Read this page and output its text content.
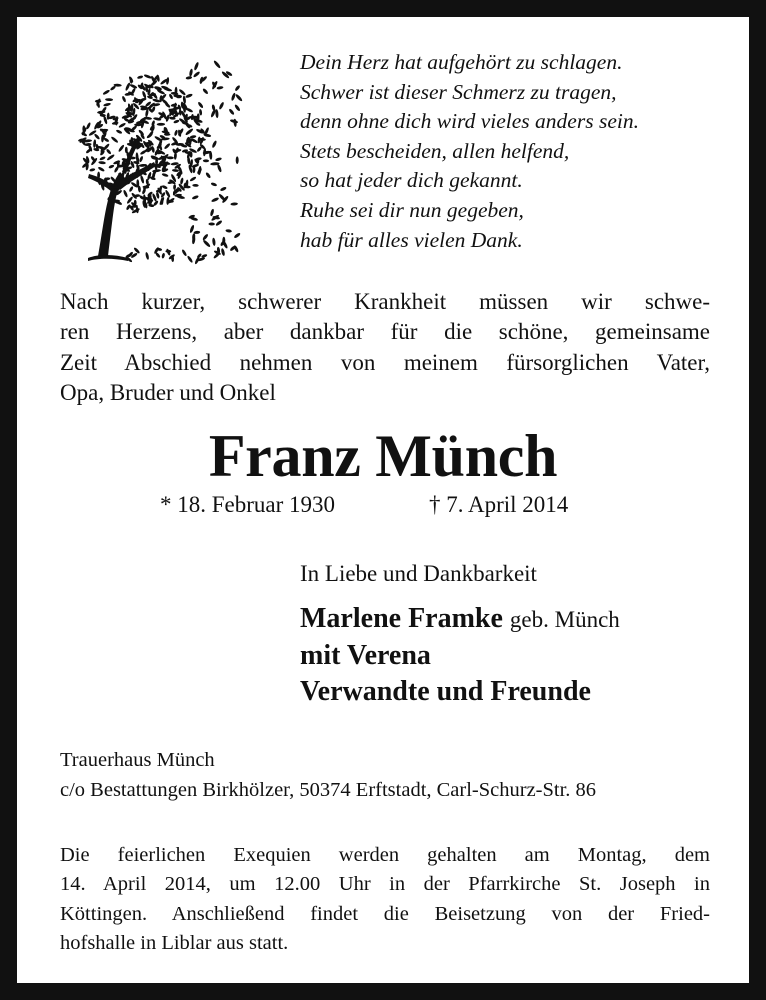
Dein Herz hat aufgehört zu schlagen.
Schwer ist dieser Schmerz zu tragen,
denn ohne dich wird vieles anders sein.
Stets bescheiden, allen helfend,
so hat jeder dich gekannt.
Ruhe sei dir nun gegeben,
hab für alles vielen Dank.
Nach kurzer, schwerer Krankheit müssen wir schwe-
ren Herzens, aber dankbar für die schöne, gemeinsame
Zeit Abschied nehmen von meinem fürsorglichen Vater,
Opa, Bruder und Onkel
Franz Münch
* 18. Februar 1930	† 7. April 2014
In Liebe und Dankbarkeit
Marlene Framke geb. Münch
mit Verena
Verwandte und Freunde
Trauerhaus Münch
c/o Bestattungen Birkhölzer, 50374 Erftstadt, Carl-Schurz-Str. 86
Die feierlichen Exequien werden gehalten am Montag, dem
14. April 2014, um 12.00 Uhr in der Pfarrkirche St. Joseph in
Köttingen. Anschließend findet die Beisetzung von der Fried-
hofshalle in Liblar aus statt.
